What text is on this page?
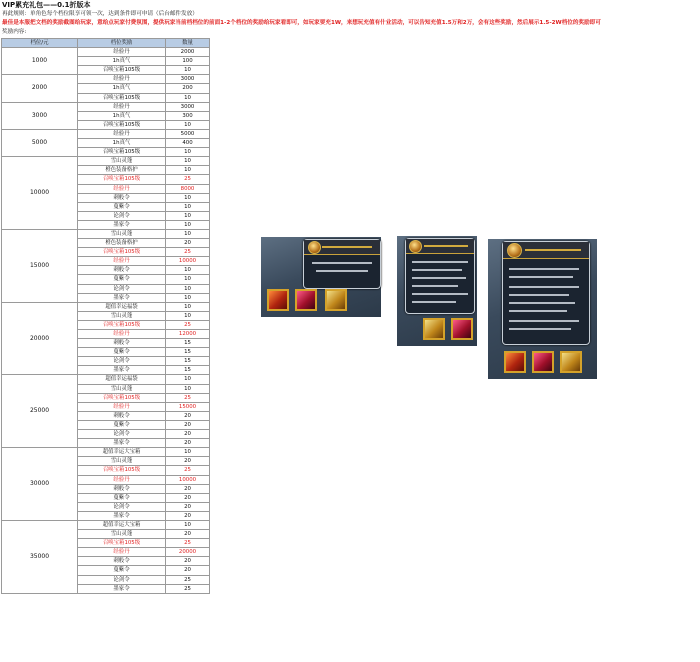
VIP累充礼包——0.1折版本
再此规则：单角色每个档位限享可领一次，达到条件即可申请（后台邮件发放）
最佳是本服把文档的奖励截图给玩家，意给点玩家付费氛围，提供玩家当前档档位的前面1-2个档位的奖励给玩家看即可，如玩家要充1W，来想玩充值有什业活动，可以告知充值1.5万和2万，会有这些奖励，然后展示1.5-2W档位的奖励即可
奖励内容:
档位/元	档位奖励	数量
1000	经验丹	2000
	1h真气	100
	召唤宝箱105级	10
2000	经验丹	3000
	1h真气	200
	召唤宝箱105级	10
3000	经验丹	3000
	1h真气	300
	召唤宝箱105级	10
5000	经验丹	5000
	1h真气	400
	召唤宝箱105级	10
10000	雪山灵蓬	10
	橙色装备格护	10
	召唤宝箱105级	25
	经验丹	8000
	刺般令	10
	蔓紫令	10
	论剑令	10
	墨家令	10
15000	雪山灵蓬	10
	橙色装备格护	20
	召唤宝箱105级	25
	经验丹	10000
	刺般令	10
	蔓紫令	10
	论剑令	10
	墨家令	10
20000	超值幸运福袋	10
	雪山灵蓬	10
	召唤宝箱105级	25
	经验丹	12000
	刺般令	15
	蔓紫令	15
	论剑令	15
	墨家令	15
25000	超值幸运福袋	10
	雪山灵蓬	10
	召唤宝箱105级	25
	经验丹	15000
	刺般令	20
	蔓紫令	20
	论剑令	20
	墨家令	20
30000	超值幸运大宝箱	10
	雪山灵蓬	20
	召唤宝箱105级	25
	经验丹	10000
	刺般令	20
	蔓紫令	20
	论剑令	20
	墨家令	20
35000	超值幸运大宝箱	10
	雪山灵蓬	20
	召唤宝箱105级	25
	经验丹	20000
	刺般令	20
	蔓紫令	20
	论剑令	25
	墨家令	25
